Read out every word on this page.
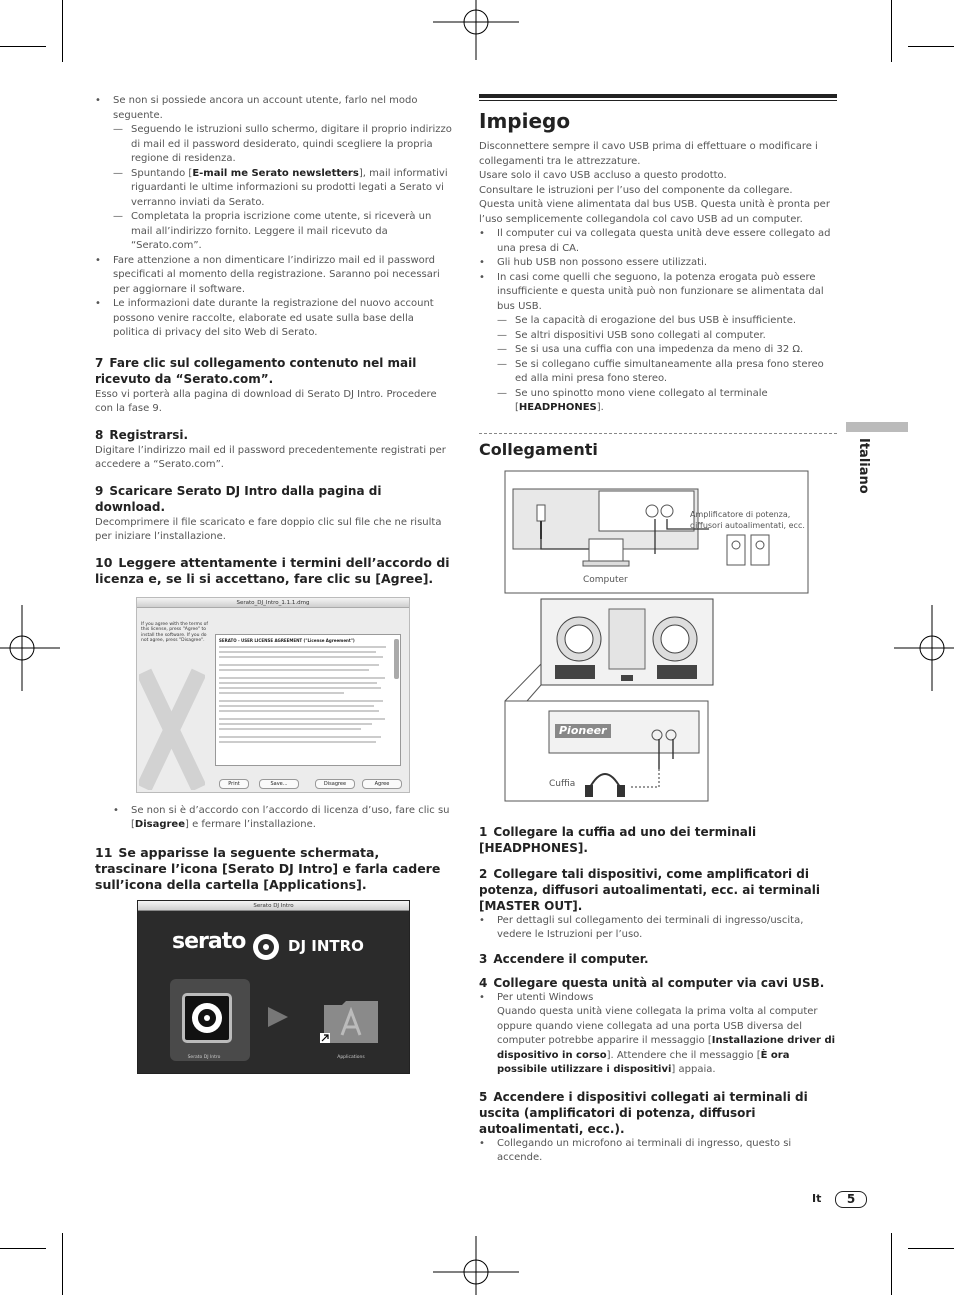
• Se non si possiede ancora un account utente, farlo nel modo seguente.
— Seguendo le istruzioni sullo schermo, digitare il proprio indirizzo di mail ed il password desiderato, quindi scegliere la propria regione di residenza.
— Spuntando [E-mail me Serato newsletters], mail informativi riguardanti le ultime informazioni su prodotti legati a Serato vi verranno inviati da Serato.
— Completata la propria iscrizione come utente, si riceverà un mail all’indirizzo fornito. Leggere il mail ricevuto da “Serato.com”.
• Fare attenzione a non dimenticare l’indirizzo mail ed il password specificati al momento della registrazione. Saranno poi necessari per aggiornare il software.
• Le informazioni date durante la registrazione del nuovo account possono venire raccolte, elaborate ed usate sulla base della politica di privacy del sito Web di Serato.
7 Fare clic sul collegamento contenuto nel mail ricevuto da “Serato.com”.
Esso vi porterà alla pagina di download di Serato DJ Intro. Procedere con la fase 9.
8 Registrarsi.
Digitare l’indirizzo mail ed il password precedentemente registrati per accedere a “Serato.com”.
9 Scaricare Serato DJ Intro dalla pagina di download.
Decomprimere il file scaricato e fare doppio clic sul file che ne risulta per iniziare l’installazione.
10 Leggere attentamente i termini dell’accordo di licenza e, se li si accettano, fare clic su [Agree].
Serato_DJ_Intro_1.1.1.dmg
If you agree with the terms of this license, press "Agree" to install the software. If you do not agree, press "Disagree".	SERATO - USER LICENSE AGREEMENT ("License Agreement")
Print	Save...	Disagree	Agree
• Se non si è d’accordo con l’accordo di licenza d’uso, fare clic su [Disagree] e fermare l’installazione.
11 Se apparisse la seguente schermata, trascinare l’icona [Serato DJ Intro] e farla cadere sull’icona della cartella [Applications].
Serato DJ Intro
serato	DJ INTRO
Serato DJ Intro	Applications
Impiego
Disconnettere sempre il cavo USB prima di effettuare o modificare i collegamenti tra le attrezzature.
Usare solo il cavo USB accluso a questo prodotto.
Consultare le istruzioni per l’uso del componente da collegare.
Questa unità viene alimentata dal bus USB. Questa unità è pronta per l’uso semplicemente collegandola col cavo USB ad un computer.
• Il computer cui va collegata questa unità deve essere collegato ad una presa di CA.
• Gli hub USB non possono essere utilizzati.
• In casi come quelli che seguono, la potenza erogata può essere insufficiente e questa unità può non funzionare se alimentata dal bus USB.
— Se la capacità di erogazione del bus USB è insufficiente.
— Se altri dispositivi USB sono collegati al computer.
— Se si usa una cuffia con una impedenza da meno di 32 Ω.
— Se si collegano cuffie simultaneamente alla presa fono stereo ed alla mini presa fono stereo.
— Se uno spinotto mono viene collegato al terminale [HEADPHONES].
Collegamenti
Amplificatore di potenza, diffusori autoalimentati, ecc.
Computer
Cuffia
Pioneer
1 Collegare la cuffia ad uno dei terminali [HEADPHONES].
2 Collegare tali dispositivi, come amplificatori di potenza, diffusori autoalimentati, ecc. ai terminali [MASTER OUT].
• Per dettagli sul collegamento dei terminali di ingresso/uscita, vedere le Istruzioni per l’uso.
3 Accendere il computer.
4 Collegare questa unità al computer via cavi USB.
• Per utenti Windows
Quando questa unità viene collegata la prima volta al computer oppure quando viene collegata ad una porta USB diversa del computer potrebbe apparire il messaggio [Installazione driver di dispositivo in corso]. Attendere che il messaggio [È ora possibile utilizzare i dispositivi] appaia.
5 Accendere i dispositivi collegati ai terminali di uscita (amplificatori di potenza, diffusori autoalimentati, ecc.).
• Collegando un microfono ai terminali di ingresso, questo si accende.
Italiano
It	5
